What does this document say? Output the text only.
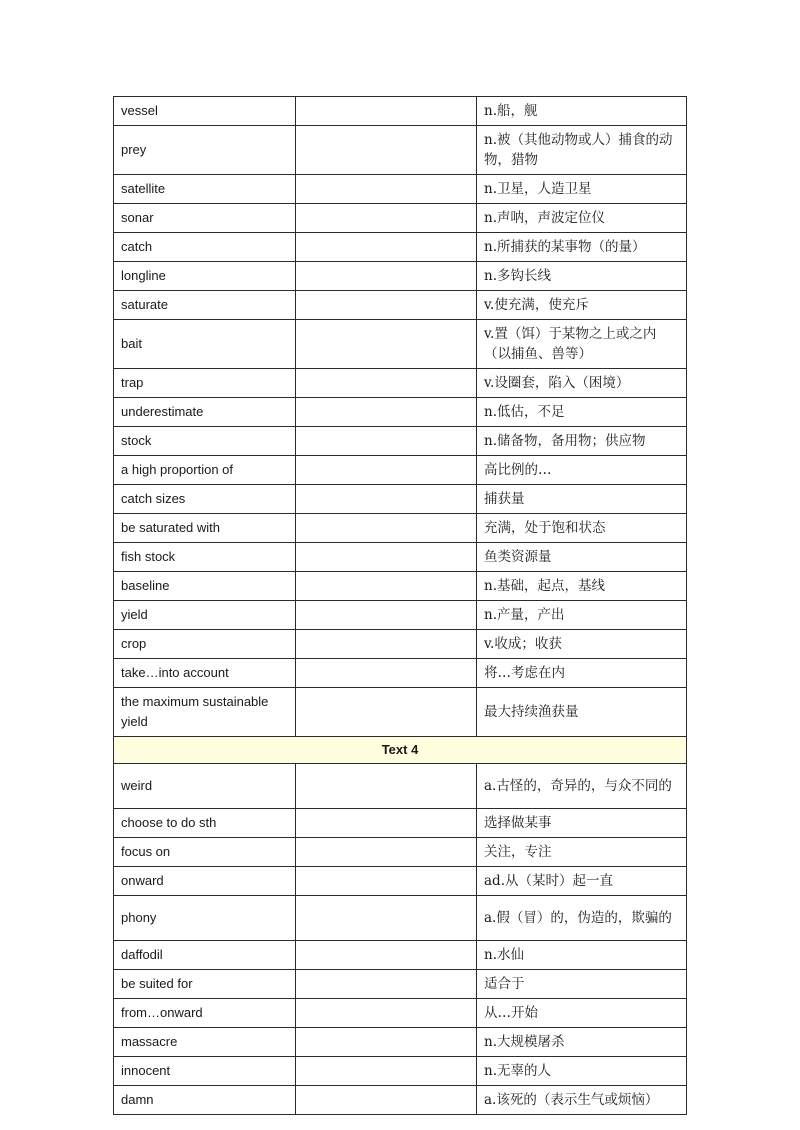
vessel		n.船，舰
prey		n.被（其他动物或人）捕食的动物，猎物
satellite		n.卫星，人造卫星
sonar		n.声呐，声波定位仪
catch		n.所捕获的某事物（的量）
longline		n.多钩长线
saturate		v.使充满，使充斥
bait		v.置（饵）于某物之上或之内（以捕鱼、兽等）
trap		v.设圈套，陷入（困境）
underestimate		n.低估，不足
stock		n.储备物，备用物；供应物
a high proportion of		高比例的…
catch sizes		捕获量
be saturated with		充满，处于饱和状态
fish stock		鱼类资源量
baseline		n.基础，起点，基线
yield		n.产量，产出
crop		v.收成；收获
take…into account		将…考虑在内
the maximum sustainable yield		最大持续渔获量
Text 4		
weird		a.古怪的，奇异的，与众不同的
choose to do sth		选择做某事
focus on		关注，专注
onward		ad.从（某时）起一直
phony		a.假（冒）的，伪造的，欺骗的
daffodil		n.水仙
be suited for		适合于
from…onward		从…开始
massacre		n.大规模屠杀
innocent		n.无辜的人
damn		a.该死的（表示生气或烦恼）
